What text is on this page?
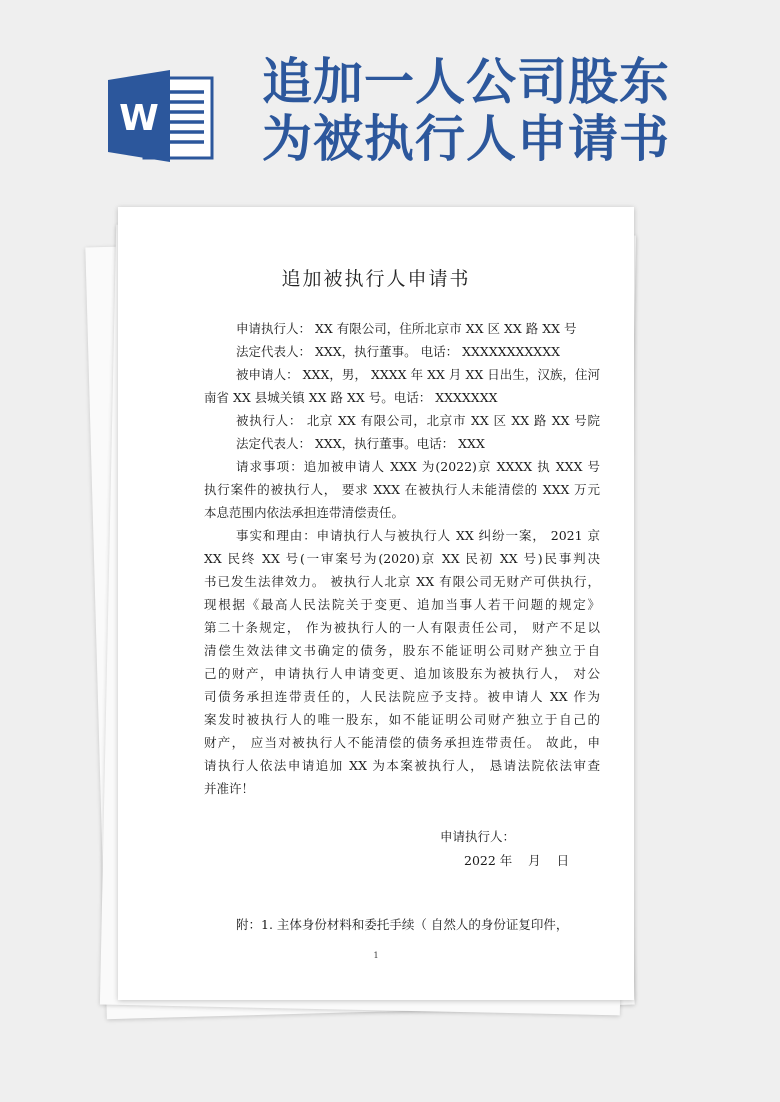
W
追加一人公司股东
为被执行人申请书
追加被执行人申请书
申请执行人： XX 有限公司，住所北京市 XX 区 XX 路 XX 号
法定代表人： XXX，执行董事。 电话： XXXXXXXXXXX
被申请人： XXX，男， XXXX 年 XX 月 XX 日出生，汉族，住河
南省 XX 县城关镇 XX 路 XX 号。电话： XXXXXXX
被执行人： 北京 XX 有限公司，北京市 XX 区 XX 路 XX 号院
法定代表人： XXX，执行董事。电话： XXX
请求事项：追加被申请人 XXX 为(2022)京 XXXX 执 XXX 号
执行案件的被执行人， 要求 XXX 在被执行人未能清偿的 XXX 万元
本息范围内依法承担连带清偿责任。
事实和理由：申请执行人与被执行人 XX 纠纷一案， 2021 京
XX 民终 XX 号(一审案号为(2020)京 XX 民初 XX 号)民事判决
书已发生法律效力。 被执行人北京 XX 有限公司无财产可供执行，
现根据《最高人民法院关于变更、追加当事人若干问题的规定》
第二十条规定， 作为被执行人的一人有限责任公司， 财产不足以
清偿生效法律文书确定的债务，股东不能证明公司财产独立于自
己的财产，申请执行人申请变更、追加该股东为被执行人， 对公
司债务承担连带责任的，人民法院应予支持。被申请人 XX 作为
案发时被执行人的唯一股东，如不能证明公司财产独立于自己的
财产， 应当对被执行人不能清偿的债务承担连带责任。 故此，申
请执行人依法申请追加 XX 为本案被执行人， 恳请法院依法审查
并准许！
申请执行人：
2022 年    月    日
附：1. 主体身份材料和委托手续（ 自然人的身份证复印件，
1
